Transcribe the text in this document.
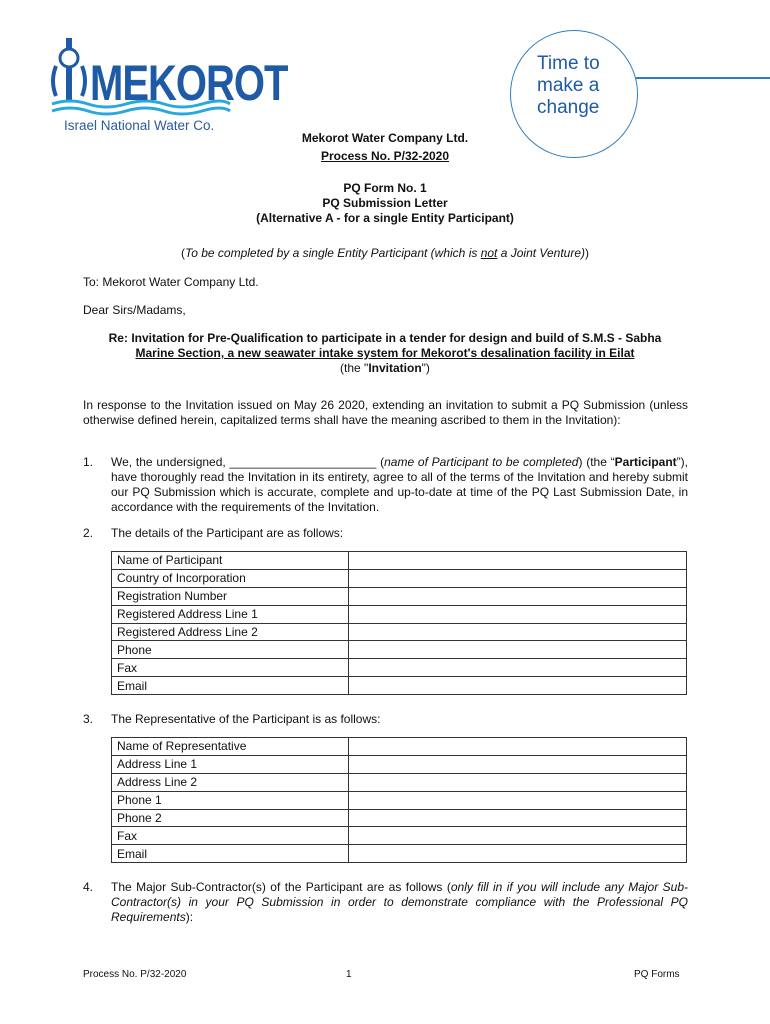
MEKOROT
Israel National Water Co.
Time to
make a
change
Mekorot Water Company Ltd.
Process No. P/32-2020
PQ Form No. 1
PQ Submission Letter
(Alternative A - for a single Entity Participant)
(To be completed by a single Entity Participant (which is not a Joint Venture))
To: Mekorot Water Company Ltd.
Dear Sirs/Madams,
Re: Invitation for Pre-Qualification to participate in a tender for design and build of S.M.S - Sabha
Marine Section, a new seawater intake system for Mekorot's desalination facility in Eilat
(the "Invitation")
In response to the Invitation issued on May 26 2020, extending an invitation to submit a PQ Submission (unless otherwise defined herein, capitalized terms shall have the meaning ascribed to them in the Invitation):
1. We, the undersigned, ______________________ (name of Participant to be completed) (the “Participant”), have thoroughly read the Invitation in its entirety, agree to all of the terms of the Invitation and hereby submit our PQ Submission which is accurate, complete and up-to-date at time of the PQ Last Submission Date, in accordance with the requirements of the Invitation.
2. The details of the Participant are as follows:
Name of Participant	
Country of Incorporation	
Registration Number	
Registered Address Line 1	
Registered Address Line 2	
Phone	
Fax	
Email	
3. The Representative of the Participant is as follows:
Name of Representative	
Address Line 1	
Address Line 2	
Phone 1	
Phone 2	
Fax	
Email	
4. The Major Sub-Contractor(s) of the Participant are as follows (only fill in if you will include any Major Sub-Contractor(s) in your PQ Submission in order to demonstrate compliance with the Professional PQ Requirements):
Process No. P/32-2020	1	PQ Forms
